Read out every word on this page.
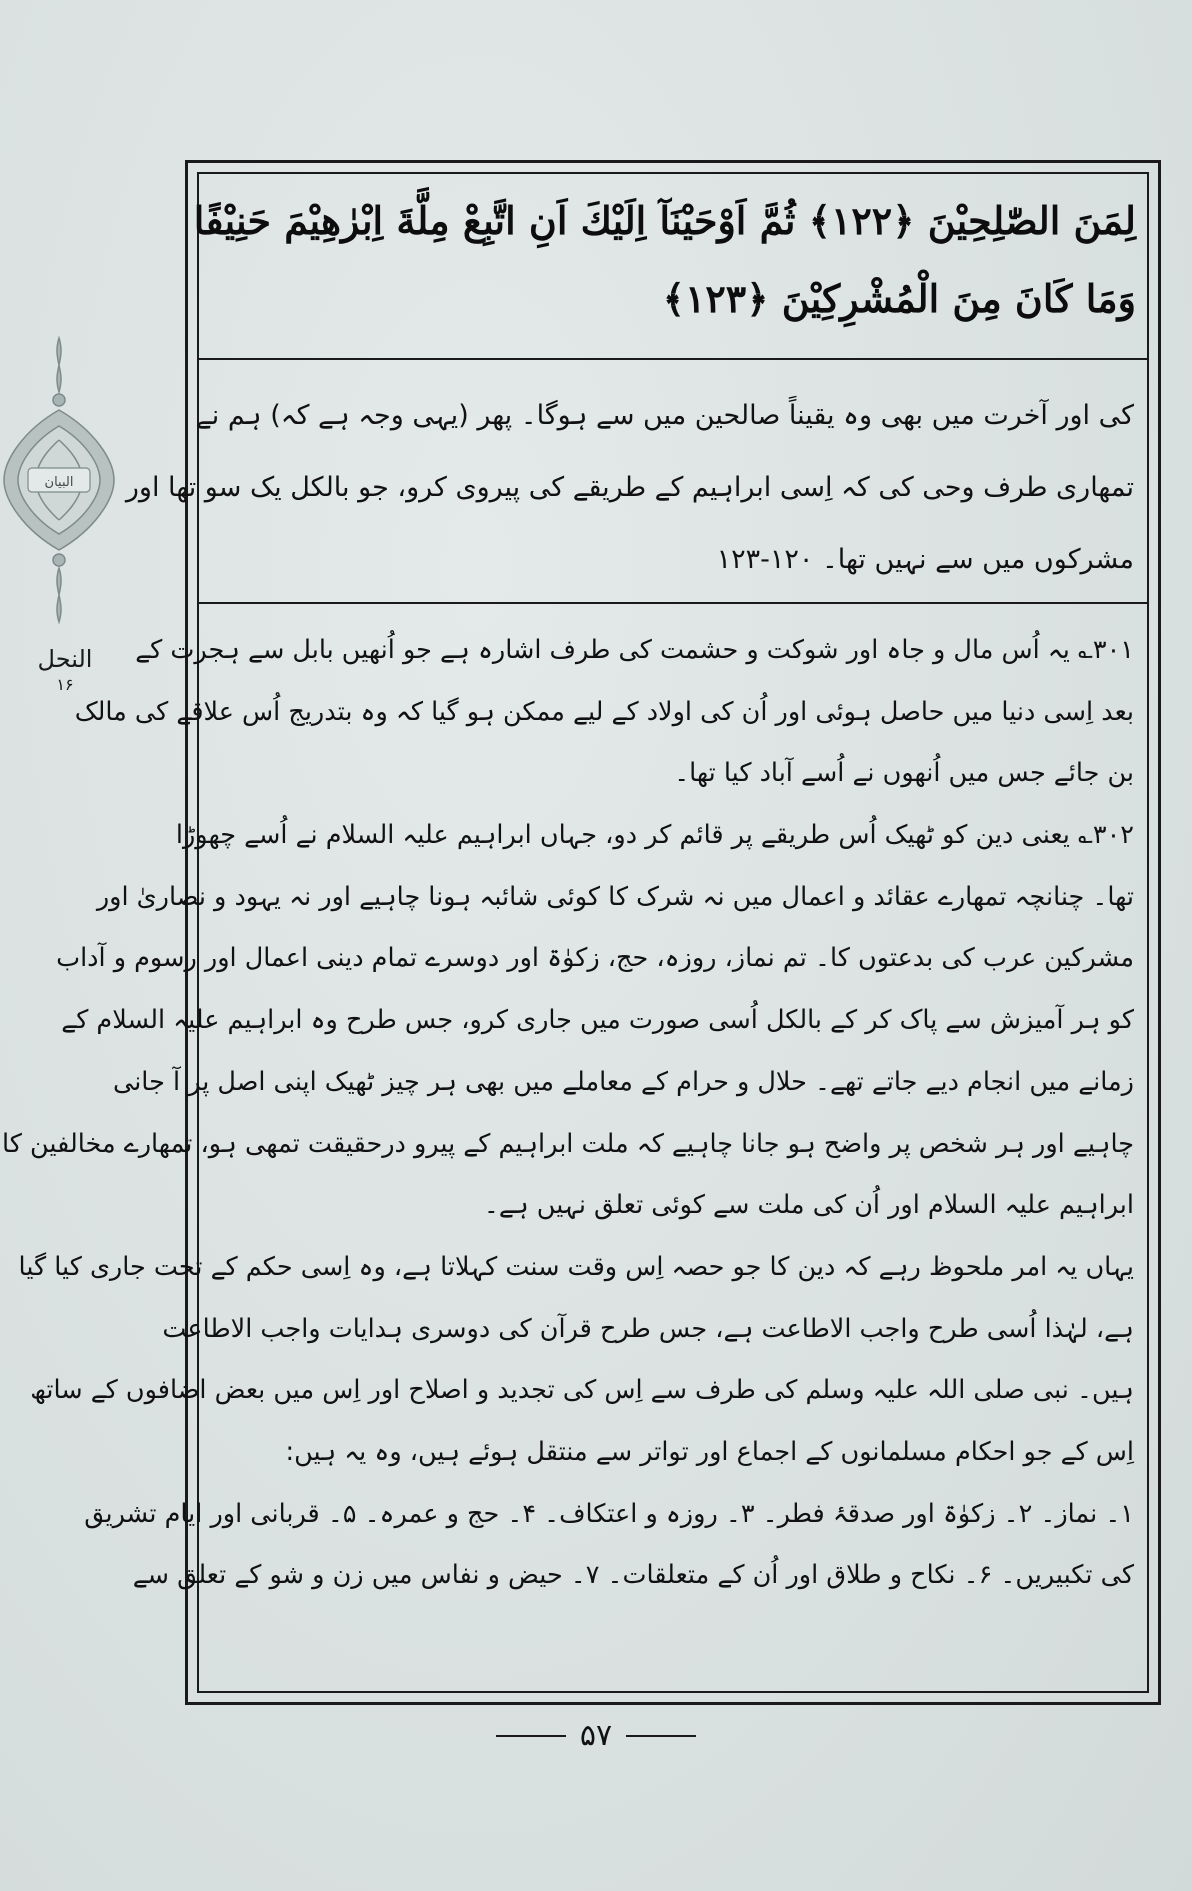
البیان
النحل
۱۶
لِمَنَ الصّٰلِحِيْنَ ﴿۱۲۲﴾ ثُمَّ اَوْحَيْنَآ اِلَيْكَ اَنِ اتَّبِعْ مِلَّةَ اِبْرٰهِيْمَ حَنِيْفًا
وَمَا كَانَ مِنَ الْمُشْرِكِيْنَ ﴿۱۲۳﴾
کی اور آخرت میں بھی وہ یقیناً صالحین میں سے ہوگا۔ پھر (یہی وجہ ہے کہ) ہم نے
تمھاری طرف وحی کی کہ اِسی ابراہیم کے طریقے کی پیروی کرو، جو بالکل یک سو تھا اور
مشرکوں میں سے نہیں تھا۔ ۱۲۰-۱۲۳
۳۰۱؎ یہ اُس مال و جاہ اور شوکت و حشمت کی طرف اشارہ ہے جو اُنھیں بابل سے ہجرت کے
بعد اِسی دنیا میں حاصل ہوئی اور اُن کی اولاد کے لیے ممکن ہو گیا کہ وہ بتدریج اُس علاقے کی مالک
بن جائے جس میں اُنھوں نے اُسے آباد کیا تھا۔
۳۰۲؎ یعنی دین کو ٹھیک اُس طریقے پر قائم کر دو، جہاں ابراہیم علیہ السلام نے اُسے چھوڑا
تھا۔ چنانچہ تمھارے عقائد و اعمال میں نہ شرک کا کوئی شائبہ ہونا چاہیے اور نہ یہود و نصاریٰ اور
مشرکین عرب کی بدعتوں کا۔ تم نماز، روزہ، حج، زکوٰۃ اور دوسرے تمام دینی اعمال اور رسوم و آداب
کو ہر آمیزش سے پاک کر کے بالکل اُسی صورت میں جاری کرو، جس طرح وہ ابراہیم علیہ السلام کے
زمانے میں انجام دیے جاتے تھے۔ حلال و حرام کے معاملے میں بھی ہر چیز ٹھیک اپنی اصل پر آ جانی
چاہیے اور ہر شخص پر واضح ہو جانا چاہیے کہ ملت ابراہیم کے پیرو درحقیقت تمھی ہو، تمھارے مخالفین کا
ابراہیم علیہ السلام اور اُن کی ملت سے کوئی تعلق نہیں ہے۔
یہاں یہ امر ملحوظ رہے کہ دین کا جو حصہ اِس وقت سنت کہلاتا ہے، وہ اِسی حکم کے تحت جاری کیا گیا
ہے، لہٰذا اُسی طرح واجب الاطاعت ہے، جس طرح قرآن کی دوسری ہدایات واجب الاطاعت
ہیں۔ نبی صلی اللہ علیہ وسلم کی طرف سے اِس کی تجدید و اصلاح اور اِس میں بعض اضافوں کے ساتھ
اِس کے جو احکام مسلمانوں کے اجماع اور تواتر سے منتقل ہوئے ہیں، وہ یہ ہیں:
۱۔ نماز۔ ۲۔ زکوٰۃ اور صدقۂ فطر۔ ۳۔ روزہ و اعتکاف۔ ۴۔ حج و عمرہ۔ ۵۔ قربانی اور ایام تشریق
کی تکبیریں۔ ۶۔ نکاح و طلاق اور اُن کے متعلقات۔ ۷۔ حیض و نفاس میں زن و شو کے تعلق سے
۵۷
